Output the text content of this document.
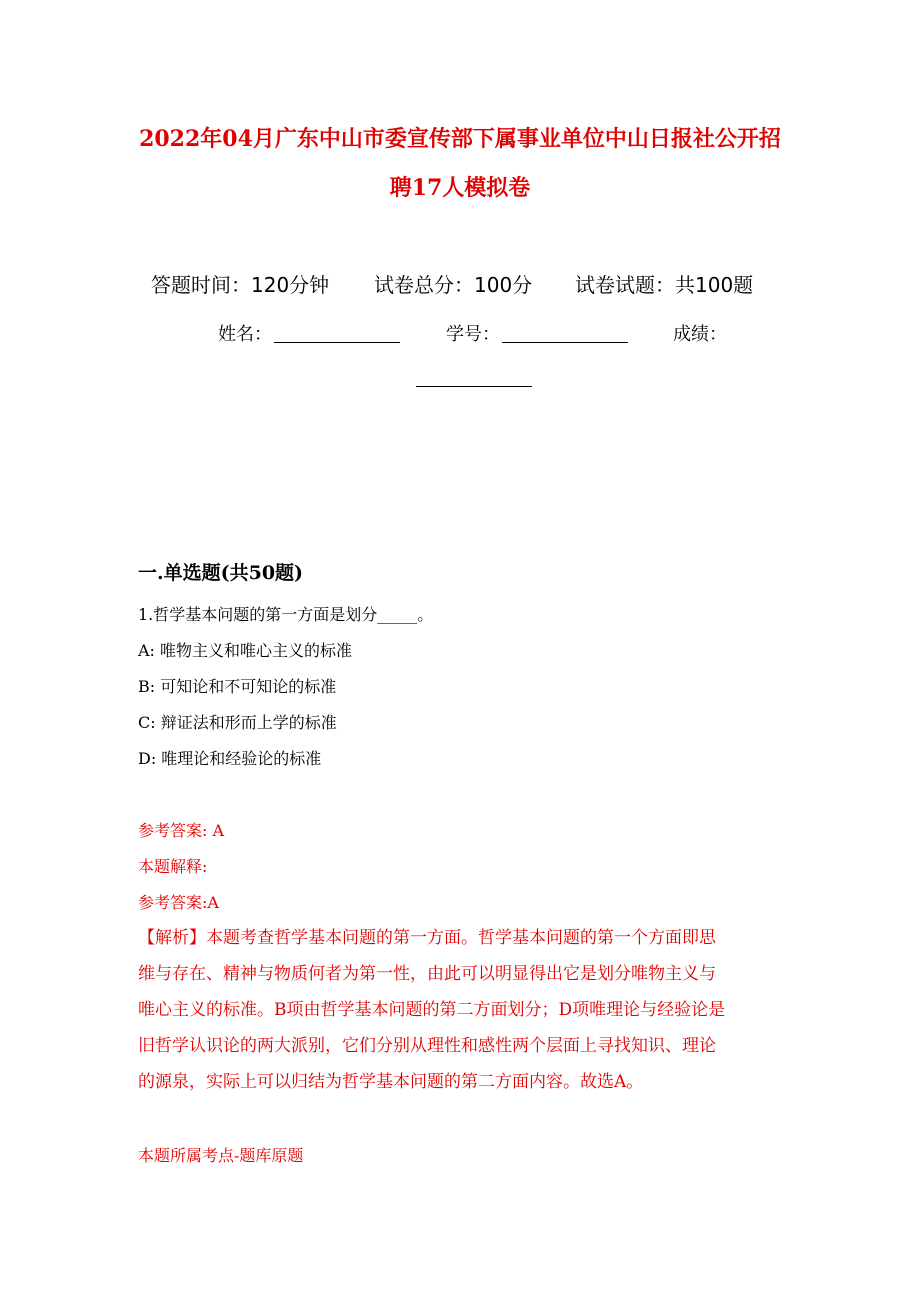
2022年04月广东中山市委宣传部下属事业单位中山日报社公开招
聘17人模拟卷
答题时间：120分钟 试卷总分：100分 试卷试题：共100题
姓名：	学号：	成绩：
一.单选题(共50题)
1.哲学基本问题的第一方面是划分_____。
A: 唯物主义和唯心主义的标准
B: 可知论和不可知论的标准
C: 辩证法和形而上学的标准
D: 唯理论和经验论的标准
参考答案: A
本题解释:
参考答案:A
【解析】本题考查哲学基本问题的第一方面。哲学基本问题的第一个方面即思
维与存在、精神与物质何者为第一性，由此可以明显得出它是划分唯物主义与
唯心主义的标准。B项由哲学基本问题的第二方面划分；D项唯理论与经验论是
旧哲学认识论的两大派别，它们分别从理性和感性两个层面上寻找知识、理论
的源泉，实际上可以归结为哲学基本问题的第二方面内容。故选A。
本题所属考点-题库原题
